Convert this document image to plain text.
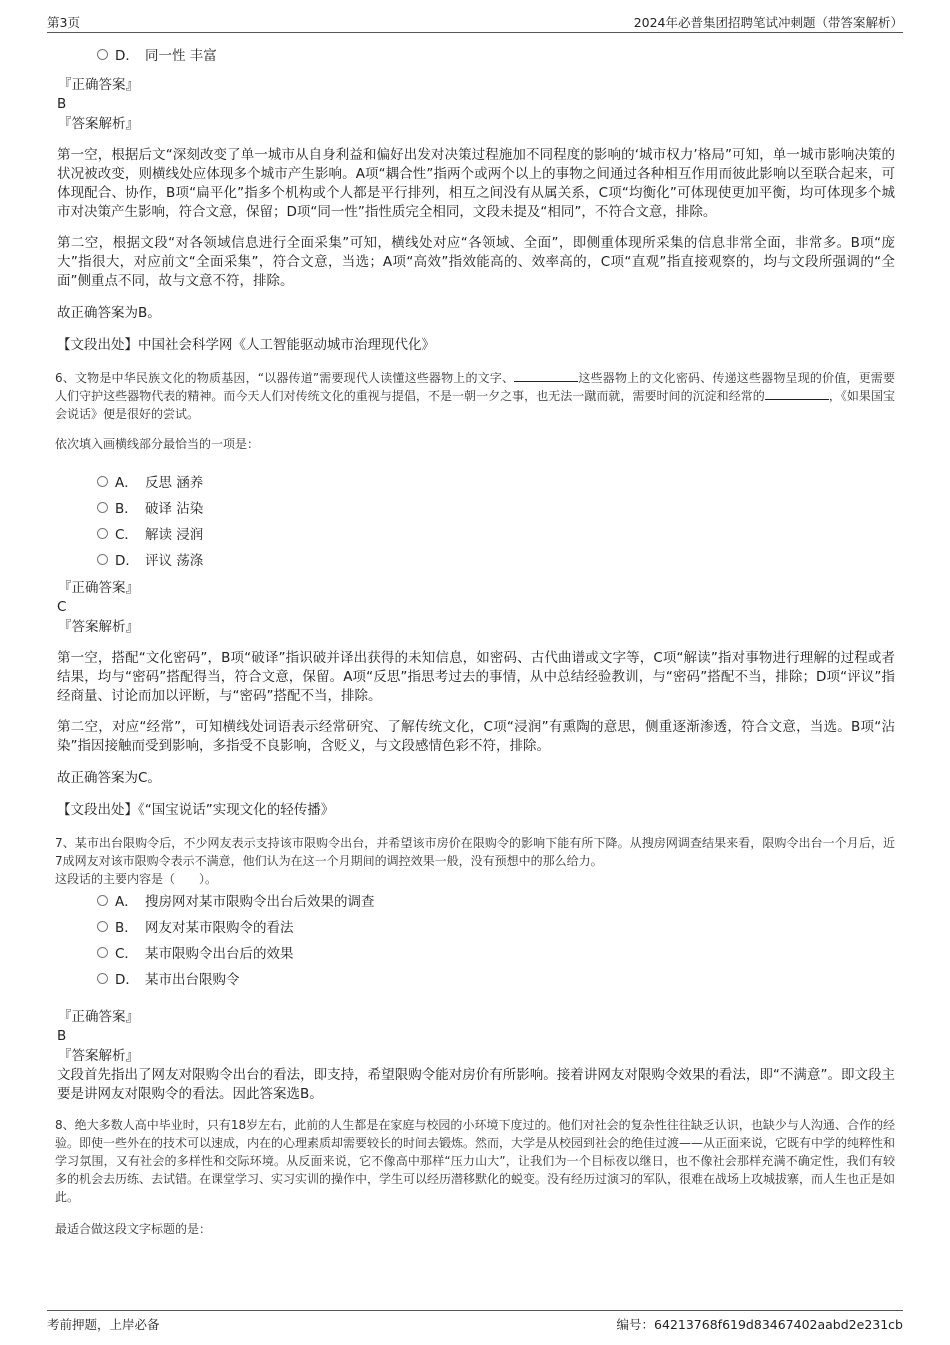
第3页	2024年必普集团招聘笔试冲刺题（带答案解析）
D． 同一性 丰富
『正确答案』
B
『答案解析』

第一空，根据后文“深刻改变了单一城市从自身利益和偏好出发对决策过程施加不同程度的影响的‘城市权力’格局”可知，单一城市影响决策的状况被改变，则横线处应体现多个城市产生影响。A项“耦合性”指两个或两个以上的事物之间通过各种相互作用而彼此影响以至联合起来，可体现配合、协作，B项“扁平化”指多个机构或个人都是平行排列，相互之间没有从属关系，C项“均衡化”可体现使更加平衡，均可体现多个城市对决策产生影响，符合文意，保留；D项“同一性”指性质完全相同，文段未提及“相同”，不符合文意，排除。

第二空，根据文段“对各领域信息进行全面采集”可知，横线处对应“各领域、全面”，即侧重体现所采集的信息非常全面，非常多。B项“庞大”指很大，对应前文“全面采集”，符合文意，当选；A项“高效”指效能高的、效率高的，C项“直观”指直接观察的，均与文段所强调的“全面”侧重点不同，故与文意不符，排除。

故正确答案为B。

【文段出处】中国社会科学网《人工智能驱动城市治理现代化》
6、文物是中华民族文化的物质基因，“以器传道”需要现代人读懂这些器物上的文字、	这些器物上的文化密码、传递这些器物呈现的价值，更需要人们守护这些器物代表的精神。而今天人们对传统文化的重视与提倡，不是一朝一夕之事，也无法一蹴而就，需要时间的沉淀和经常的	，《如果国宝会说话》便是很好的尝试。
依次填入画横线部分最恰当的一项是：
A． 反思 涵养
B． 破译 沾染
C． 解读 浸润
D． 评议 荡涤
『正确答案』
C
『答案解析』

第一空，搭配“文化密码”，B项“破译”指识破并译出获得的未知信息，如密码、古代曲谱或文字等，C项“解读”指对事物进行理解的过程或者结果，均与“密码”搭配得当，符合文意，保留。A项“反思”指思考过去的事情，从中总结经验教训，与“密码”搭配不当，排除；D项“评议”指经商量、讨论而加以评断，与“密码”搭配不当，排除。

第二空，对应“经常”，可知横线处词语表示经常研究、了解传统文化，C项“浸润”有熏陶的意思，侧重逐渐渗透，符合文意，当选。B项“沾染”指因接触而受到影响，多指受不良影响，含贬义，与文段感情色彩不符，排除。

故正确答案为C。

【文段出处】《“国宝说话”实现文化的轻传播》
7、某市出台限购令后，不少网友表示支持该市限购令出台，并希望该市房价在限购令的影响下能有所下降。从搜房网调查结果来看，限购令出台一个月后，近7成网友对该市限购令表示不满意，他们认为在这一个月期间的调控效果一般，没有预想中的那么给力。
这段话的主要内容是（　　）。
A． 搜房网对某市限购令出台后效果的调查
B． 网友对某市限购令的看法
C． 某市限购令出台后的效果
D． 某市出台限购令
『正确答案』
B
『答案解析』

文段首先指出了网友对限购令出台的看法，即支持，希望限购令能对房价有所影响。接着讲网友对限购令效果的看法，即“不满意”。即文段主要是讲网友对限购令的看法。因此答案选B。

8、绝大多数人高中毕业时，只有18岁左右，此前的人生都是在家庭与校园的小环境下度过的。他们对社会的复杂性往往缺乏认识，也缺少与人沟通、合作的经验。即使一些外在的技术可以速成，内在的心理素质却需要较长的时间去锻炼。然而，大学是从校园到社会的绝佳过渡——从正面来说，它既有中学的纯粹性和学习氛围，又有社会的多样性和交际环境。从反面来说，它不像高中那样“压力山大”，让我们为一个目标夜以继日，也不像社会那样充满不确定性，我们有较多的机会去历练、去试错。在课堂学习、实习实训的操作中，学生可以经历潜移默化的蜕变。没有经历过演习的军队，很难在战场上攻城拔寨，而人生也正是如此。
最适合做这段文字标题的是：
考前押题，上岸必备	编号：64213768f619d83467402aabd2e231cb
